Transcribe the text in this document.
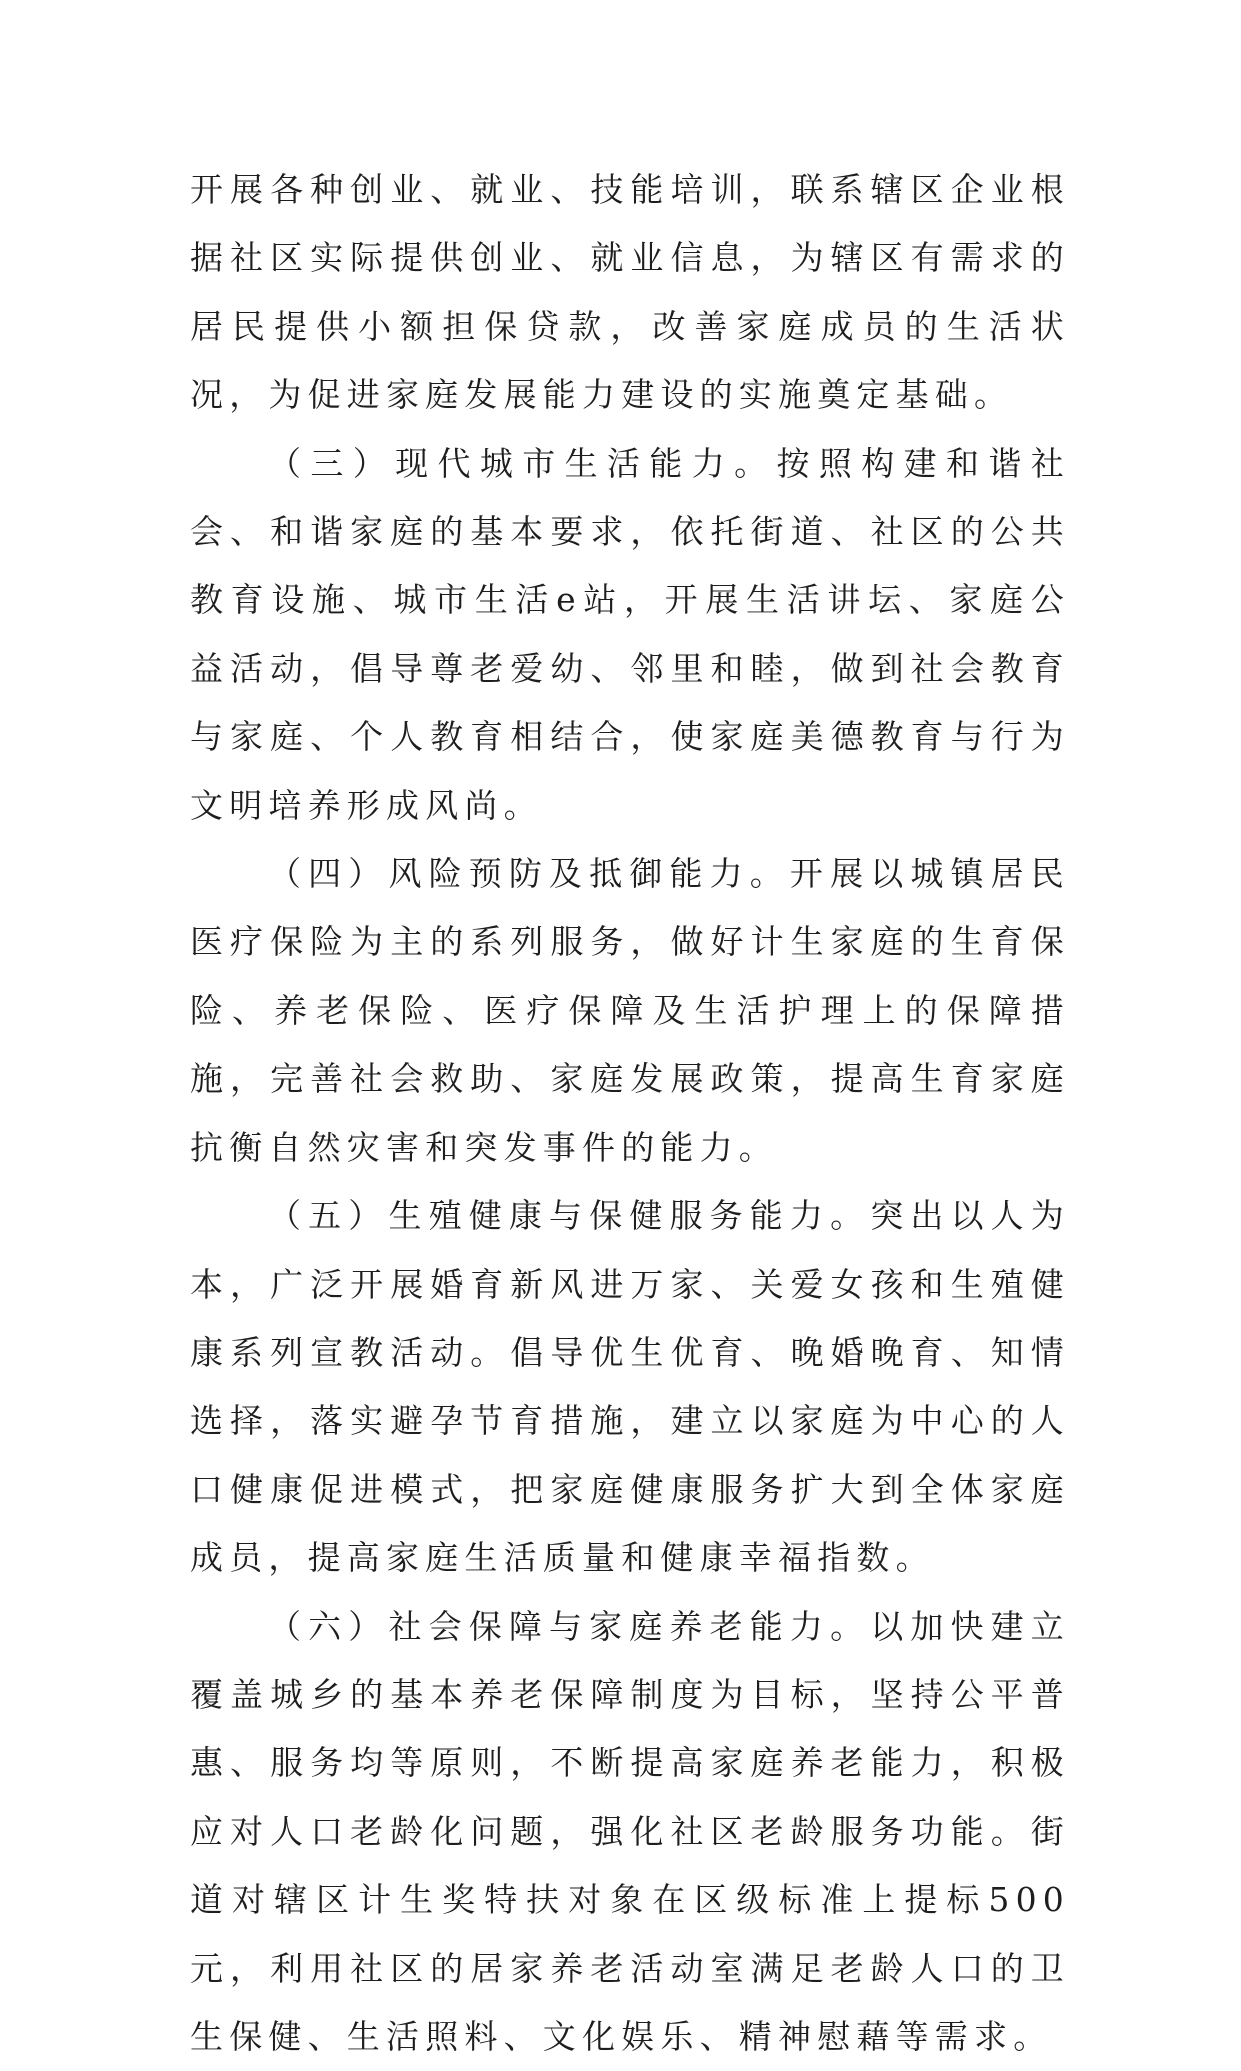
开展各种创业、就业、技能培训，联系辖区企业根据社区实际提供创业、就业信息，为辖区有需求的居民提供小额担保贷款，改善家庭成员的生活状况，为促进家庭发展能力建设的实施奠定基础。

（三）现代城市生活能力。按照构建和谐社会、和谐家庭的基本要求，依托街道、社区的公共教育设施、城市生活e站，开展生活讲坛、家庭公益活动，倡导尊老爱幼、邻里和睦，做到社会教育与家庭、个人教育相结合，使家庭美德教育与行为文明培养形成风尚。

（四）风险预防及抵御能力。开展以城镇居民医疗保险为主的系列服务，做好计生家庭的生育保险、养老保险、医疗保障及生活护理上的保障措施，完善社会救助、家庭发展政策，提高生育家庭抗衡自然灾害和突发事件的能力。

（五）生殖健康与保健服务能力。突出以人为本，广泛开展婚育新风进万家、关爱女孩和生殖健康系列宣教活动。倡导优生优育、晚婚晚育、知情选择，落实避孕节育措施，建立以家庭为中心的人口健康促进模式，把家庭健康服务扩大到全体家庭成员，提高家庭生活质量和健康幸福指数。

（六）社会保障与家庭养老能力。以加快建立覆盖城乡的基本养老保障制度为目标，坚持公平普惠、服务均等原则，不断提高家庭养老能力，积极应对人口老龄化问题，强化社区老龄服务功能。街道对辖区计生奖特扶对象在区级标准上提标500元，利用社区的居家养老活动室满足老龄人口的卫生保健、生活照料、文化娱乐、精神慰藉等需求。
